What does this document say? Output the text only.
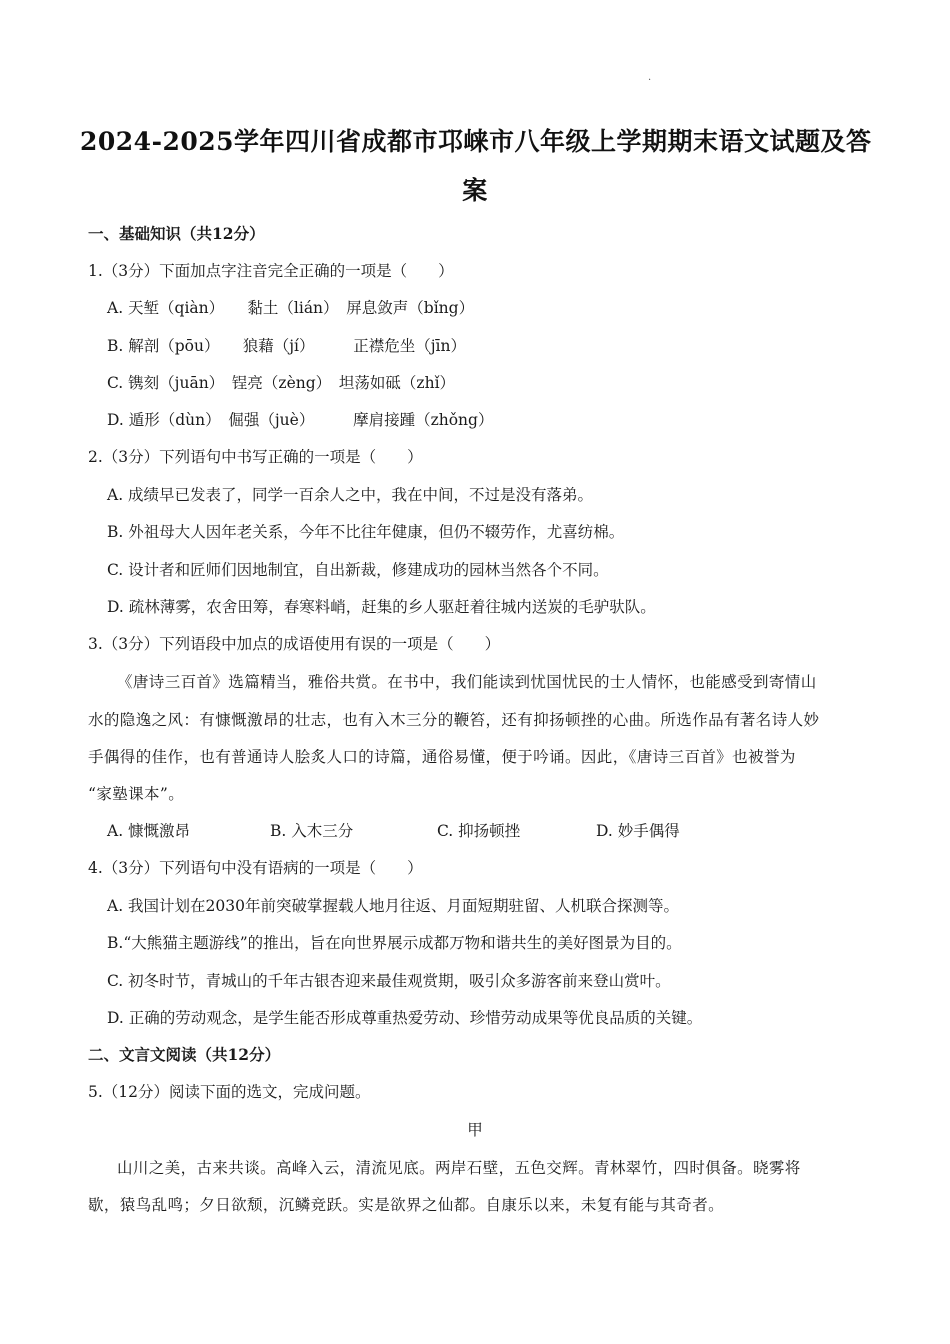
.
2024-2025学年四川省成都市邛崃市八年级上学期期末语文试题及答
案
一、基础知识（共12分）
1.（3分）下面加点字注音完全正确的一项是（　　）
A. 天堑（qiàn）　　黏土（lián）　屏息敛声（bǐng）
B. 解剖（pōu）　　狼藉（jí）　　　正襟危坐（jīn）
C. 镌刻（juān）　锃亮（zèng）　坦荡如砥（zhǐ）
D. 遁形（dùn）　倔强（juè）　　　摩肩接踵（zhǒng）
2.（3分）下列语句中书写正确的一项是（　　）
A. 成绩早已发表了，同学一百余人之中，我在中间，不过是没有落弟。
B. 外祖母大人因年老关系，今年不比往年健康，但仍不辍劳作，尤喜纺棉。
C. 设计者和匠师们因地制宜，自出新裁，修建成功的园林当然各个不同。
D. 疏林薄雾，农舍田筹，春寒料峭，赶集的乡人驱赶着往城内送炭的毛驴驮队。
3.（3分）下列语段中加点的成语使用有误的一项是（　　）
《唐诗三百首》选篇精当，雅俗共赏。在书中，我们能读到忧国忧民的士人情怀，也能感受到寄情山
水的隐逸之风：有慷慨激昂的壮志，也有入木三分的鞭笞，还有抑扬顿挫的心曲。所选作品有著名诗人妙
手偶得的佳作，也有普通诗人脍炙人口的诗篇，通俗易懂，便于吟诵。因此，《唐诗三百首》也被誉为
“家塾课本”。
A. 慷慨激昂	B. 入木三分	C. 抑扬顿挫	D. 妙手偶得
4.（3分）下列语句中没有语病的一项是（　　）
A. 我国计划在2030年前突破掌握载人地月往返、月面短期驻留、人机联合探测等。
B.“大熊猫主题游线”的推出，旨在向世界展示成都万物和谐共生的美好图景为目的。
C. 初冬时节，青城山的千年古银杏迎来最佳观赏期，吸引众多游客前来登山赏叶。
D. 正确的劳动观念，是学生能否形成尊重热爱劳动、珍惜劳动成果等优良品质的关键。
二、文言文阅读（共12分）
5.（12分）阅读下面的选文，完成问题。
甲
山川之美，古来共谈。高峰入云，清流见底。两岸石壁，五色交辉。青林翠竹，四时俱备。晓雾将
歇，猿鸟乱鸣；夕日欲颓，沉鳞竞跃。实是欲界之仙都。自康乐以来，未复有能与其奇者。
